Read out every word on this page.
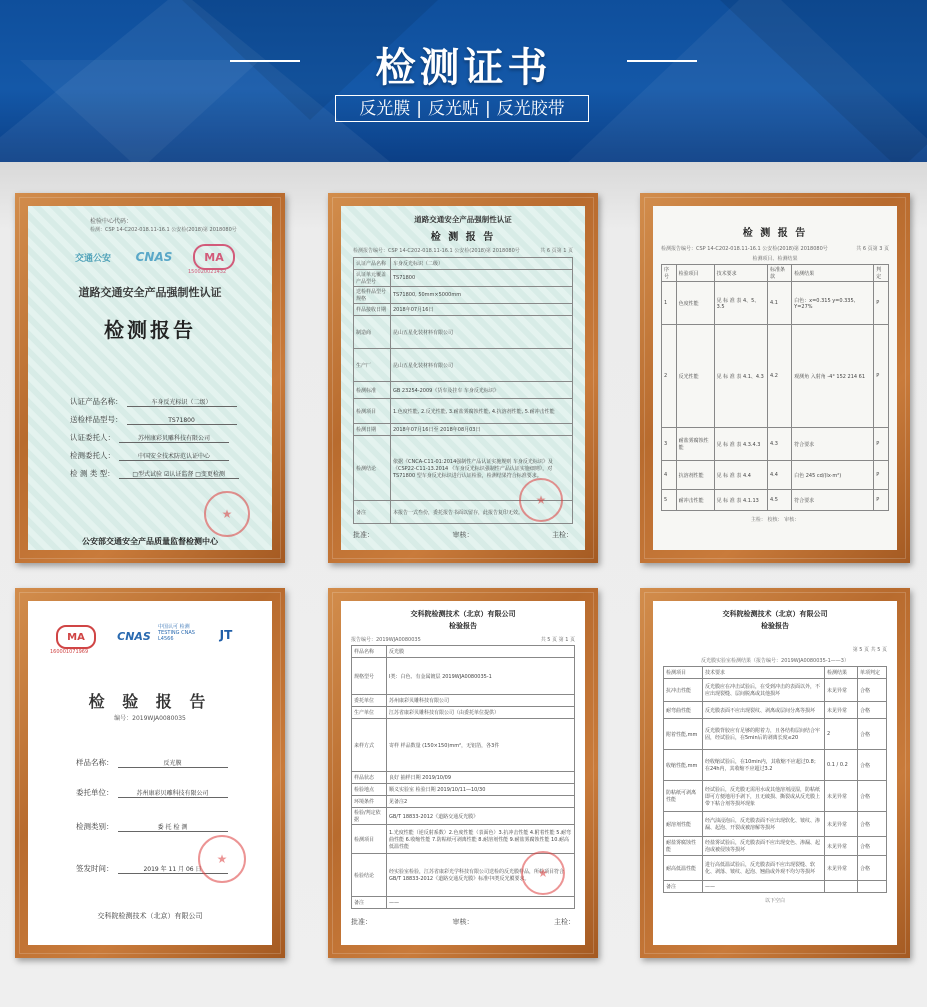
检测证书
反光膜 | 反光贴 | 反光胶带
检验中心代码：
检测：CSP 14-C202-018.11-16.1 公安检(2018)第 2018080号
交通公安	CNAS	MA
150020021432
道路交通安全产品强制性认证
检测报告
认证产品名称：	车身反光标识（二级）
送检样品型号：	TS71800
认证委托人：	苏州康彩贝雕科技有限公司
检测委托人：	中国安全技术防范认证中心
检 测 类 型：	□型式试验 ☑认证监督 □变更检测
★
公安部交通安全产品质量监督检测中心
道路交通安全产品强制性认证
检 测 报 告
检测报告编号：CSP 14-C202-018.11-16.1 公安检(2018)第 2018080号	共 6 页第 1 页
认证产品名称	车身反光标识（二级）
认证单元覆盖产品型号	TS71800
送检样品型号规格	TS71800, 50mm×5000mm
样品接收日期	2018年07月16日
制造商	昆山五星化装材料有限公司
生产厂	昆山五星化装材料有限公司
检测标准	GB 23254-2009《货车及挂车 车身反光标识》
检测项目	1.色度性能, 2.反光性能, 3.耐盐雾腐蚀性能, 4.抗溶剂性能, 5.耐冲击性能
检测日期	2018年07月16日至 2018年08月03日
检测结论	依据《CNCA-C11-01:2014强制性产品认证实施规则 车身反光标识》及《CSP22-C11-13.2014 《车身反光标识强制性产品认证实施细则》，对TS71800 型车身反光标识进行认证检验，检测结果符合标准要求。
备注	本报告一式叁份，委托报告书面以留存，此报告复印无效。
批准：	审核：	主检：
★
检 测 报 告
检测报告编号：CSP 14-C202-018.11-16.1 公安检(2018)第 2018080号	共 6 页第 3 页
检测项目、检测结果
序号	检验项目	技术要求	标准条款	检测结果	判定
1	色度性能	见 标 准 表 4、5、3.5	4.1	白色：x=0.315 y=0.335, Y=27%	P
2	反光性能	见 标 准 表 4.1、4.3	4.2	观测角 入射角 -4° 152 214 61	P
3	耐盐雾腐蚀性能	见 标 准 表 4.3.4.3	4.3	符合要求	P
4	抗溶剂性能	见 标 准 表 4.4	4.4	白色 245 cd/(lx·m²)	P
5	耐冲击性能	见 标 准 表 4.1.13	4.5	符合要求	P
主检： 校核： 审核：
MA
160001071969
CNAS
中国认可 检测 TESTING CNAS L4566	JT
检 验 报 告
编号：2019WJA0080035
样品名称：	反光膜
委托单位：	苏州康彩贝雕科技有限公司
检测类别：	委 托 检 测
签发时间：	2019 年 11 月 06 日
★
交科院检测技术（北京）有限公司
交科院检测技术（北京）有限公司
检验报告
报告编号：2019WJA0080035	共 5 页 第 1 页
样品名称	反光膜
规格型号	I类：白色、有金属镀层 2019WJA0080035-1
委托单位	苏州康彩贝雕科技有限公司
生产单位	江苏省康彩贝雕科技有限公司（由委托单位提供）
来样方式	寄样 样品数量 (150×150)mm²，无铝箔，各3件
样品状态	良好 抽样日期 2019/10/09
检验地点	顺义实验室 检验日期 2019/10/11—10/30
环境条件	见备注2
检验/判定依据	GB/T 18833-2012《道路交通反光膜》
检测项目	1.光度性能（逆反射系数）2.色度性能（表面色）3.抗冲击性能 4.附着性能 5.耐弯曲性能 6.收缩性能 7.防粘纸可剥离性能 8.耐溶剂性能 9.耐盐雾腐蚀性能 10.耐高低温性能
检验结论	经实验室检验，江苏省康彩光学科技有限公司送检的反光膜样品，所检项目符合 GB/T 18833-2012《道路交通反光膜》标准中Ⅰ类反光膜要求。
备注	——
批准：	审核：	主检：
★
交科院检测技术（北京）有限公司
检验报告
第 5 页 共 5 页
反光膜实验室检测结果（报告编号：2019WJA0080035-1——3）
检测项目	技术要求	检测结果	单项判定
抗冲击性能	反光膜应在冲击试验后，在受到冲击的表面以外，不应出现裂缝、层间脱离或其他损坏	未见异常	合格
耐弯曲性能	反光膜表面不应出现裂纹、剥离或层间分离等损坏	未见异常	合格
附着性能,mm	反光膜背胶应有足够的附着力，且各结构层间结合牢固，经试验后，在5min后的剥离长度≤20	2	合格
收缩性能,mm	经收缩试验后，在10min内，其收缩不应超过0.8；在24h内，其收缩不应超过3.2	0.1 / 0.2	合格
防粘纸可剥离性能	经试验后，反光膜无需用水或其他溶剂浸湿，防粘纸即可方便地用手剥下，且无破损、撕裂或从反光膜上带下粘合剂等损坏现象	未见异常	合格
耐溶剂性能	经汽油浸泡后，反光膜表面不应出现软化、皱纹、渗漏、起泡、开裂或被溶解等损坏	未见异常	合格
耐盐雾腐蚀性能	经盐雾试验后，反光膜表面不应出现变色、渗漏、起泡或被侵蚀等损坏	未见异常	合格
耐高低温性能	进行高低温试验后，反光膜表面不应出现裂缝、软化、剥落、皱纹、起泡、翘曲或外观不均匀等损坏	未见异常	合格
备注	——		
以下空白
